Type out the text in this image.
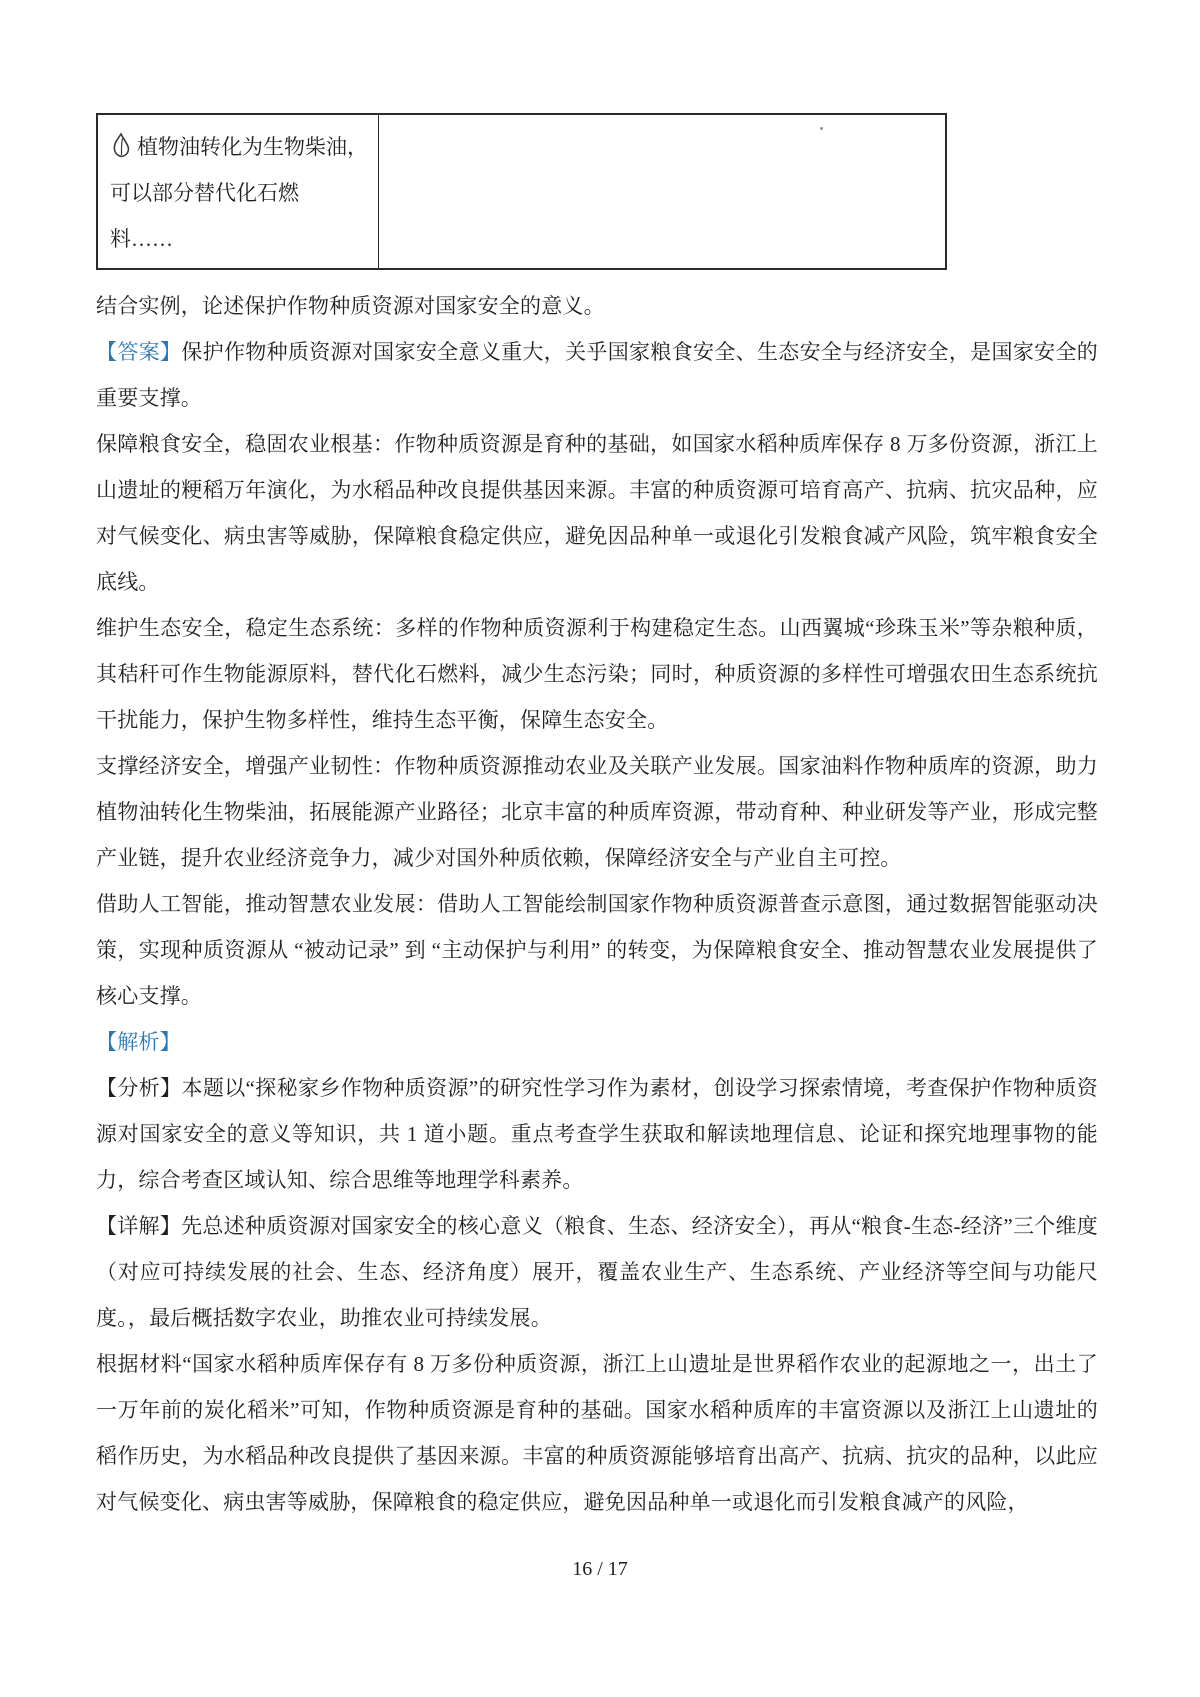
植物油转化为生物柴油，
可以部分替代化石燃
料……

结合实例，论述保护作物种质资源对国家安全的意义。

【答案】保护作物种质资源对国家安全意义重大，关乎国家粮食安全、生态安全与经济安全，是国家安全的重要支撑。

保障粮食安全，稳固农业根基：作物种质资源是育种的基础，如国家水稻种质库保存 8 万多份资源，浙江上山遗址的粳稻万年演化，为水稻品种改良提供基因来源。丰富的种质资源可培育高产、抗病、抗灾品种，应对气候变化、病虫害等威胁，保障粮食稳定供应，避免因品种单一或退化引发粮食减产风险，筑牢粮食安全底线。

维护生态安全，稳定生态系统：多样的作物种质资源利于构建稳定生态。山西翼城“珍珠玉米”等杂粮种质，其秸秆可作生物能源原料，替代化石燃料，减少生态污染；同时，种质资源的多样性可增强农田生态系统抗干扰能力，保护生物多样性，维持生态平衡，保障生态安全。

支撑经济安全，增强产业韧性：作物种质资源推动农业及关联产业发展。国家油料作物种质库的资源，助力植物油转化生物柴油，拓展能源产业路径；北京丰富的种质库资源，带动育种、种业研发等产业，形成完整产业链，提升农业经济竞争力，减少对国外种质依赖，保障经济安全与产业自主可控。

借助人工智能，推动智慧农业发展：借助人工智能绘制国家作物种质资源普查示意图，通过数据智能驱动决策，实现种质资源从 “被动记录” 到 “主动保护与利用” 的转变，为保障粮食安全、推动智慧农业发展提供了核心支撑。

【解析】

【分析】本题以“探秘家乡作物种质资源”的研究性学习作为素材，创设学习探索情境，考查保护作物种质资源对国家安全的意义等知识，共 1 道小题。重点考查学生获取和解读地理信息、论证和探究地理事物的能力，综合考查区域认知、综合思维等地理学科素养。

【详解】先总述种质资源对国家安全的核心意义（粮食、生态、经济安全），再从“粮食-生态-经济”三个维度（对应可持续发展的社会、生态、经济角度）展开，覆盖农业生产、生态系统、产业经济等空间与功能尺度。，最后概括数字农业，助推农业可持续发展。

根据材料“国家水稻种质库保存有 8 万多份种质资源，浙江上山遗址是世界稻作农业的起源地之一，出土了一万年前的炭化稻米”可知，作物种质资源是育种的基础。国家水稻种质库的丰富资源以及浙江上山遗址的稻作历史，为水稻品种改良提供了基因来源。丰富的种质资源能够培育出高产、抗病、抗灾的品种，以此应对气候变化、病虫害等威胁，保障粮食的稳定供应，避免因品种单一或退化而引发粮食减产的风险，

16 / 17
